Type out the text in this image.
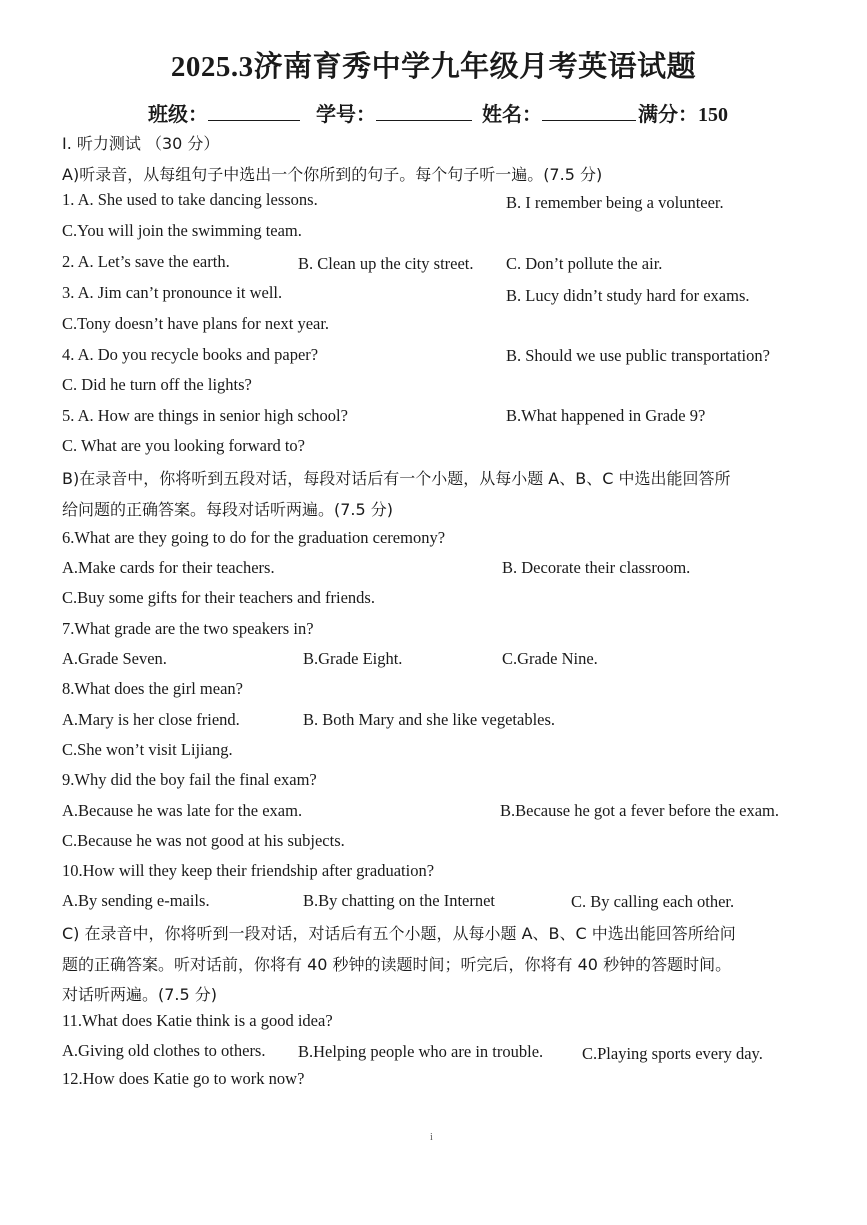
2025.3济南育秀中学九年级月考英语试题
班级：	学号：	姓名：	满分：150
I. 听力测试 （30 分）
A)听录音，从每组句子中选出一个你所到的句子。每个句子听一遍。(7.5 分)
1. A. She used to take dancing lessons.	B. I remember being a volunteer.
C.You will join the swimming team.
2. A. Let’s save the earth.	B. Clean up the city street. C. Don’t pollute the air.
3. A. Jim can’t pronounce it well.	B. Lucy didn’t study hard for exams.
C.Tony doesn’t have plans for next year.
4. A. Do you recycle books and paper?	B. Should we use public transportation?
C. Did he turn off the lights?
5. A. How are things in senior high school?	B.What happened in Grade 9?
C. What are you looking forward to?
B)在录音中，你将听到五段对话，每段对话后有一个小题，从每小题 A、B、C 中选出能回答所
给问题的正确答案。每段对话听两遍。(7.5 分)
6.What are they going to do for the graduation ceremony?
A.Make cards for their teachers.	B. Decorate their classroom.
C.Buy some gifts for their teachers and friends.
7.What grade are the two speakers in?
A.Grade Seven.	B.Grade Eight.	C.Grade Nine.
8.What does the girl mean?
A.Mary is her close friend.	B. Both Mary and she like vegetables.
C.She won’t visit Lijiang.
9.Why did the boy fail the final exam?
A.Because he was late for the exam.	B.Because he got a fever before the exam.
C.Because he was not good at his subjects.
10.How will they keep their friendship after graduation?
A.By sending e-mails.	B.By chatting on the Internet	C. By calling each other.
C) 在录音中，你将听到一段对话，对话后有五个小题，从每小题 A、B、C 中选出能回答所给问
题的正确答案。听对话前，你将有 40 秒钟的读题时间；听完后，你将有 40 秒钟的答题时间。
对话听两遍。(7.5 分)
11.What does Katie think is a good idea?
A.Giving old clothes to others. B.Helping people who are in trouble. C.Playing sports every day.
12.How does Katie go to work now?
i
